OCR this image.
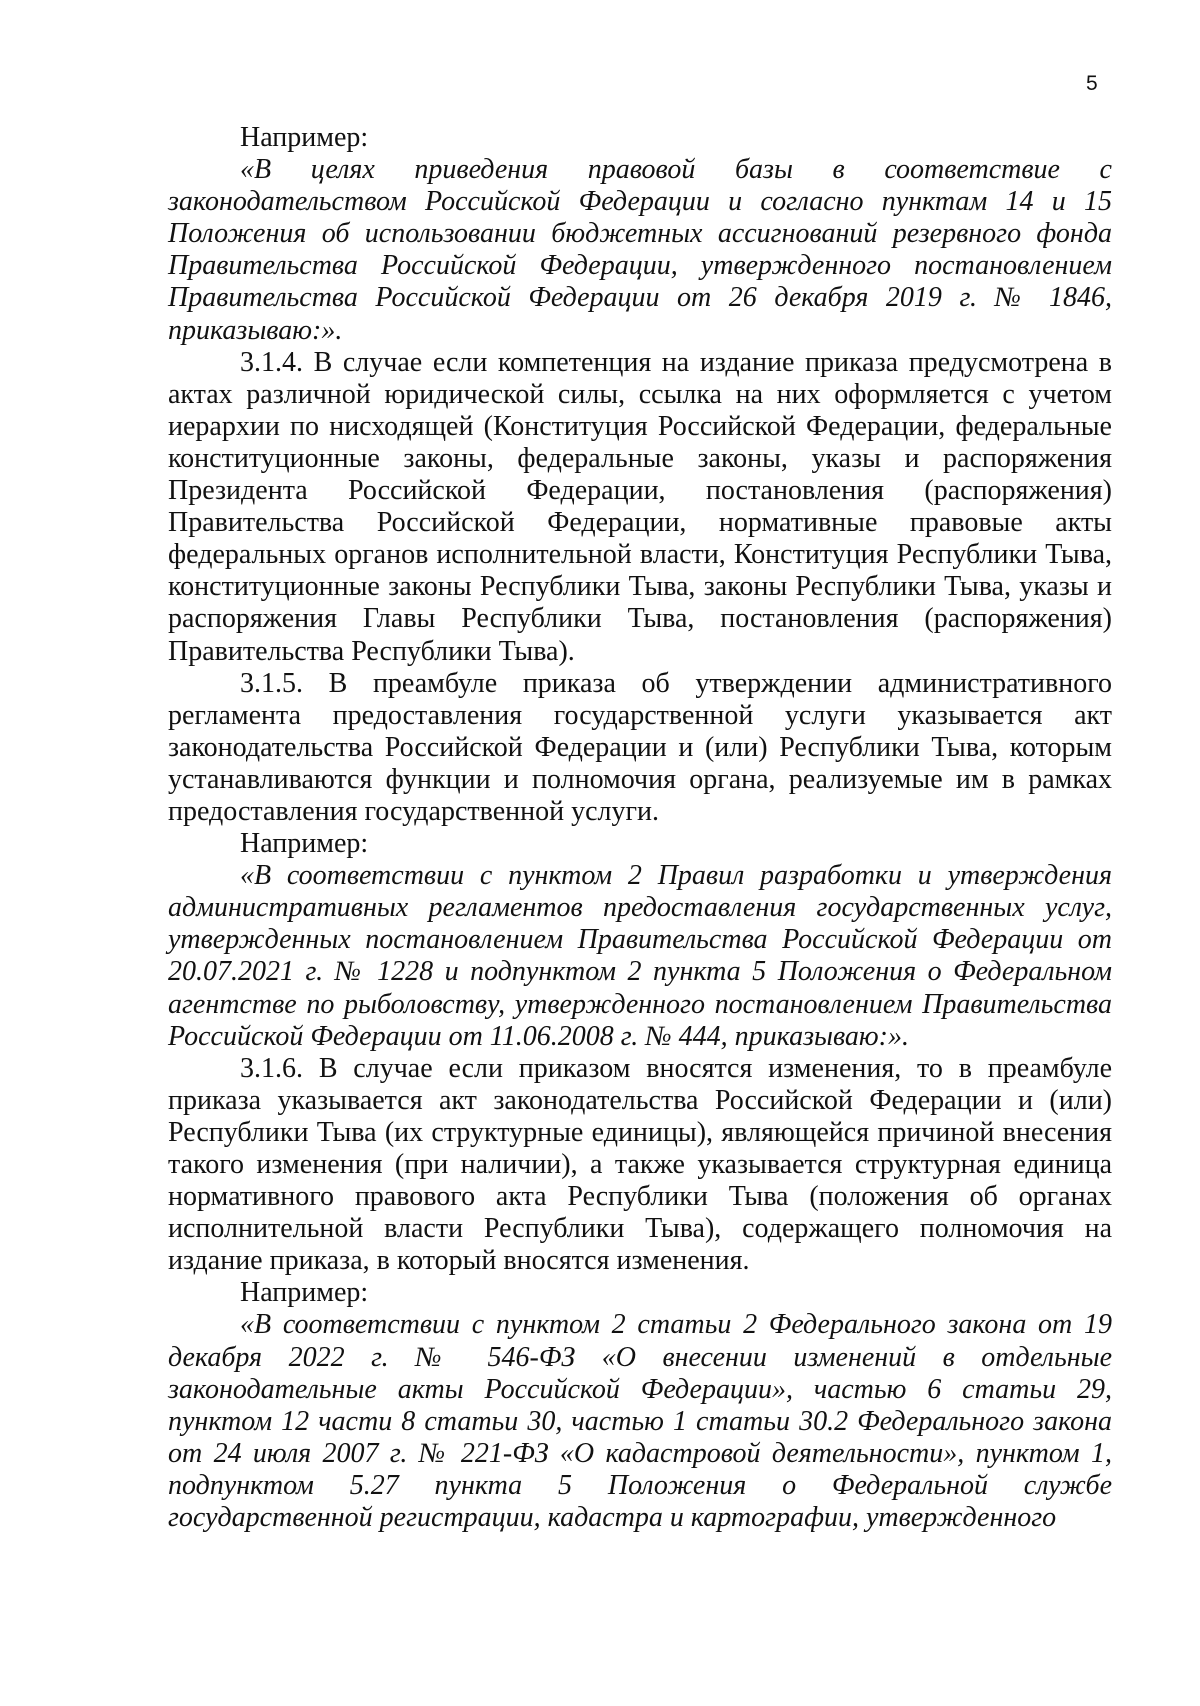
5

Например:

«В целях приведения правовой базы в соответствие с законодательством Российской Федерации и согласно пунктам 14 и 15 Положения об использовании бюджетных ассигнований резервного фонда Правительства Российской Федерации, утвержденного постановлением Правительства Российской Федерации от 26 декабря 2019 г. № 1846, приказываю:».

3.1.4. В случае если компетенция на издание приказа предусмотрена в актах различной юридической силы, ссылка на них оформляется с учетом иерархии по нисходящей (Конституция Российской Федерации, федеральные конституционные законы, федеральные законы, указы и распоряжения Президента Российской Федерации, постановления (распоряжения) Правительства Российской Федерации, нормативные правовые акты федеральных органов исполнительной власти, Конституция Республики Тыва, конституционные законы Республики Тыва, законы Республики Тыва, указы и распоряжения Главы Республики Тыва, постановления (распоряжения) Правительства Республики Тыва).

3.1.5. В преамбуле приказа об утверждении административного регламента предоставления государственной услуги указывается акт законодательства Российской Федерации и (или) Республики Тыва, которым устанавливаются функции и полномочия органа, реализуемые им в рамках предоставления государственной услуги.

Например:

«В соответствии с пунктом 2 Правил разработки и утверждения административных регламентов предоставления государственных услуг, утвержденных постановлением Правительства Российской Федерации от 20.07.2021 г. № 1228 и подпунктом 2 пункта 5 Положения о Федеральном агентстве по рыболовству, утвержденного постановлением Правительства Российской Федерации от 11.06.2008 г. № 444, приказываю:».

3.1.6. В случае если приказом вносятся изменения, то в преамбуле приказа указывается акт законодательства Российской Федерации и (или) Республики Тыва (их структурные единицы), являющейся причиной внесения такого изменения (при наличии), а также указывается структурная единица нормативного правового акта Республики Тыва (положения об органах исполнительной власти Республики Тыва), содержащего полномочия на издание приказа, в который вносятся изменения.

Например:

«В соответствии с пунктом 2 статьи 2 Федерального закона от 19 декабря 2022 г. № 546-ФЗ «О внесении изменений в отдельные законодательные акты Российской Федерации», частью 6 статьи 29, пунктом 12 части 8 статьи 30, частью 1 статьи 30.2 Федерального закона от 24 июля 2007 г. № 221-ФЗ «О кадастровой деятельности», пунктом 1, подпунктом 5.27 пункта 5 Положения о Федеральной службе государственной регистрации, кадастра и картографии, утвержденного
